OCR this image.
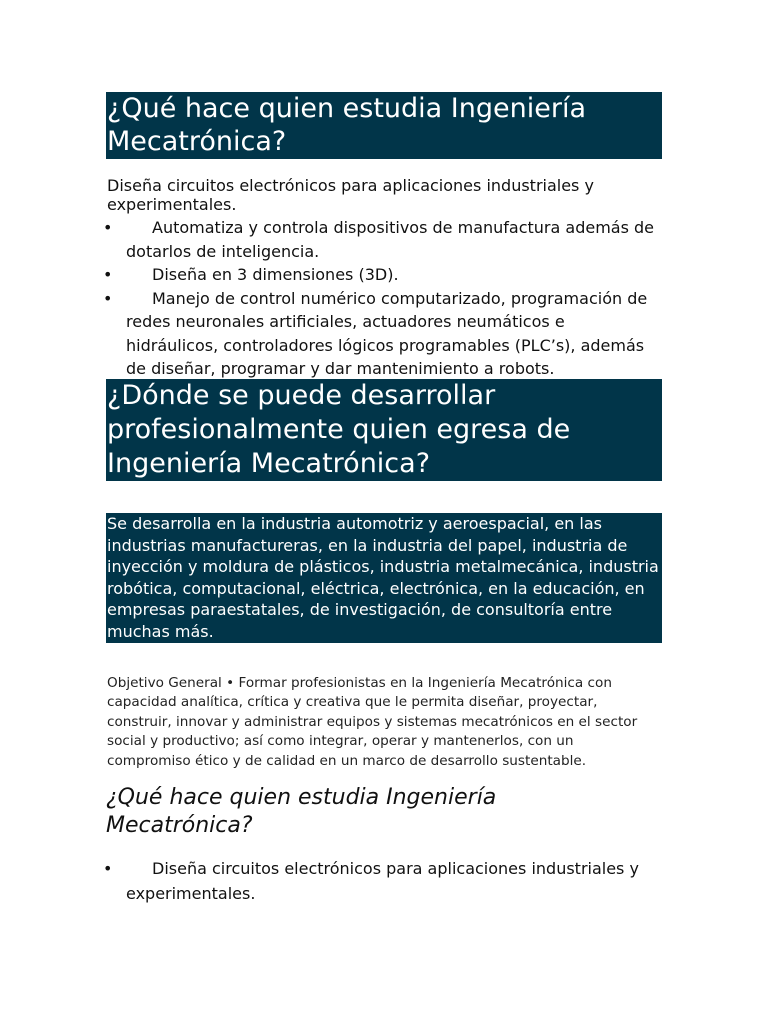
¿Qué hace quien estudia Ingeniería Mecatrónica?
Diseña circuitos electrónicos para aplicaciones industriales y experimentales.
•	Automatiza y controla dispositivos de manufactura además de dotarlos de inteligencia.
•	Diseña en 3 dimensiones (3D).
•	Manejo de control numérico computarizado, programación de redes neuronales artificiales, actuadores neumáticos e hidráulicos, controladores lógicos programables (PLC’s), además de diseñar, programar y dar mantenimiento a robots.
¿Dónde se puede desarrollar profesionalmente quien egresa de Ingeniería Mecatrónica?
Se desarrolla en la industria automotriz y aeroespacial, en las industrias manufactureras, en la industria del papel, industria de inyección y moldura de plásticos, industria metalmecánica, industria robótica, computacional, eléctrica, electrónica, en la educación, en empresas paraestatales, de investigación, de consultoría entre muchas más.
Objetivo General • Formar profesionistas en la Ingeniería Mecatrónica con capacidad analítica, crítica y creativa que le permita diseñar, proyectar, construir, innovar y administrar equipos y sistemas mecatrónicos en el sector social y productivo; así como integrar, operar y mantenerlos, con un compromiso ético y de calidad en un marco de desarrollo sustentable.
¿Qué hace quien estudia Ingeniería Mecatrónica?
•	Diseña circuitos electrónicos para aplicaciones industriales y experimentales.
